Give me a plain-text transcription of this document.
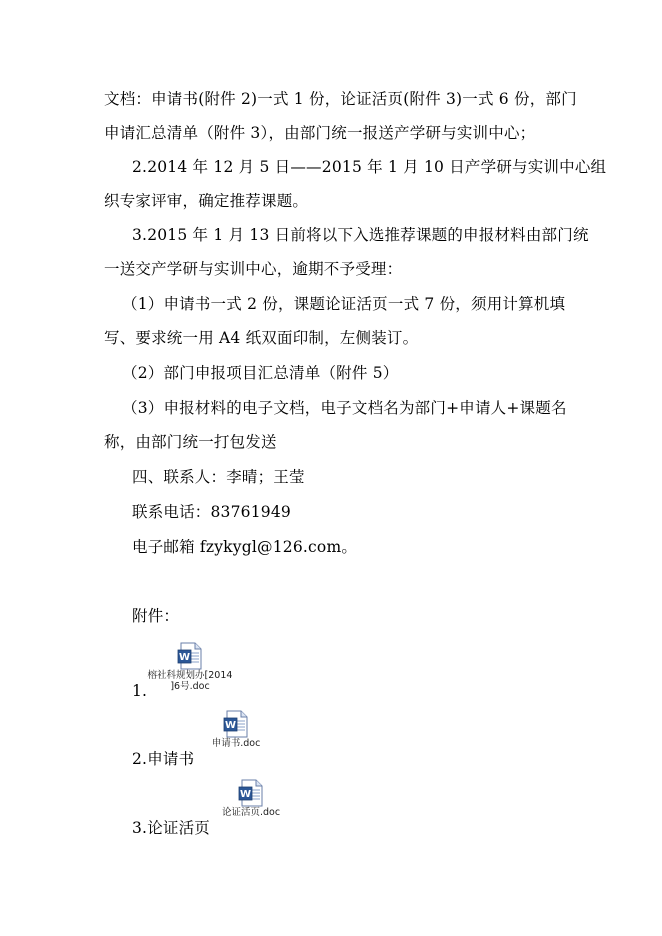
文档：申请书(附件 2)一式 1 份，论证活页(附件 3)一式 6 份，部门
申请汇总清单（附件 3），由部门统一报送产学研与实训中心；
2.2014 年 12 月 5 日——2015 年 1 月 10 日产学研与实训中心组
织专家评审，确定推荐课题。
3.2015 年 1 月 13 日前将以下入选推荐课题的申报材料由部门统
一送交产学研与实训中心，逾期不予受理：
（1）申请书一式 2 份，课题论证活页一式 7 份，须用计算机填
写、要求统一用 A4 纸双面印制，左侧装订。
（2）部门申报项目汇总清单（附件 5）
（3）申报材料的电子文档，电子文档名为部门+申请人+课题名
称，由部门统一打包发送
四、联系人：李晴；王莹
联系电话：83761949
电子邮箱 fzykygl@126.com。
附件：
W
榕社科规划办[2014
]6号.doc
1.
W
申请书.doc
2.申请书
W
论证活页.doc
3.论证活页
